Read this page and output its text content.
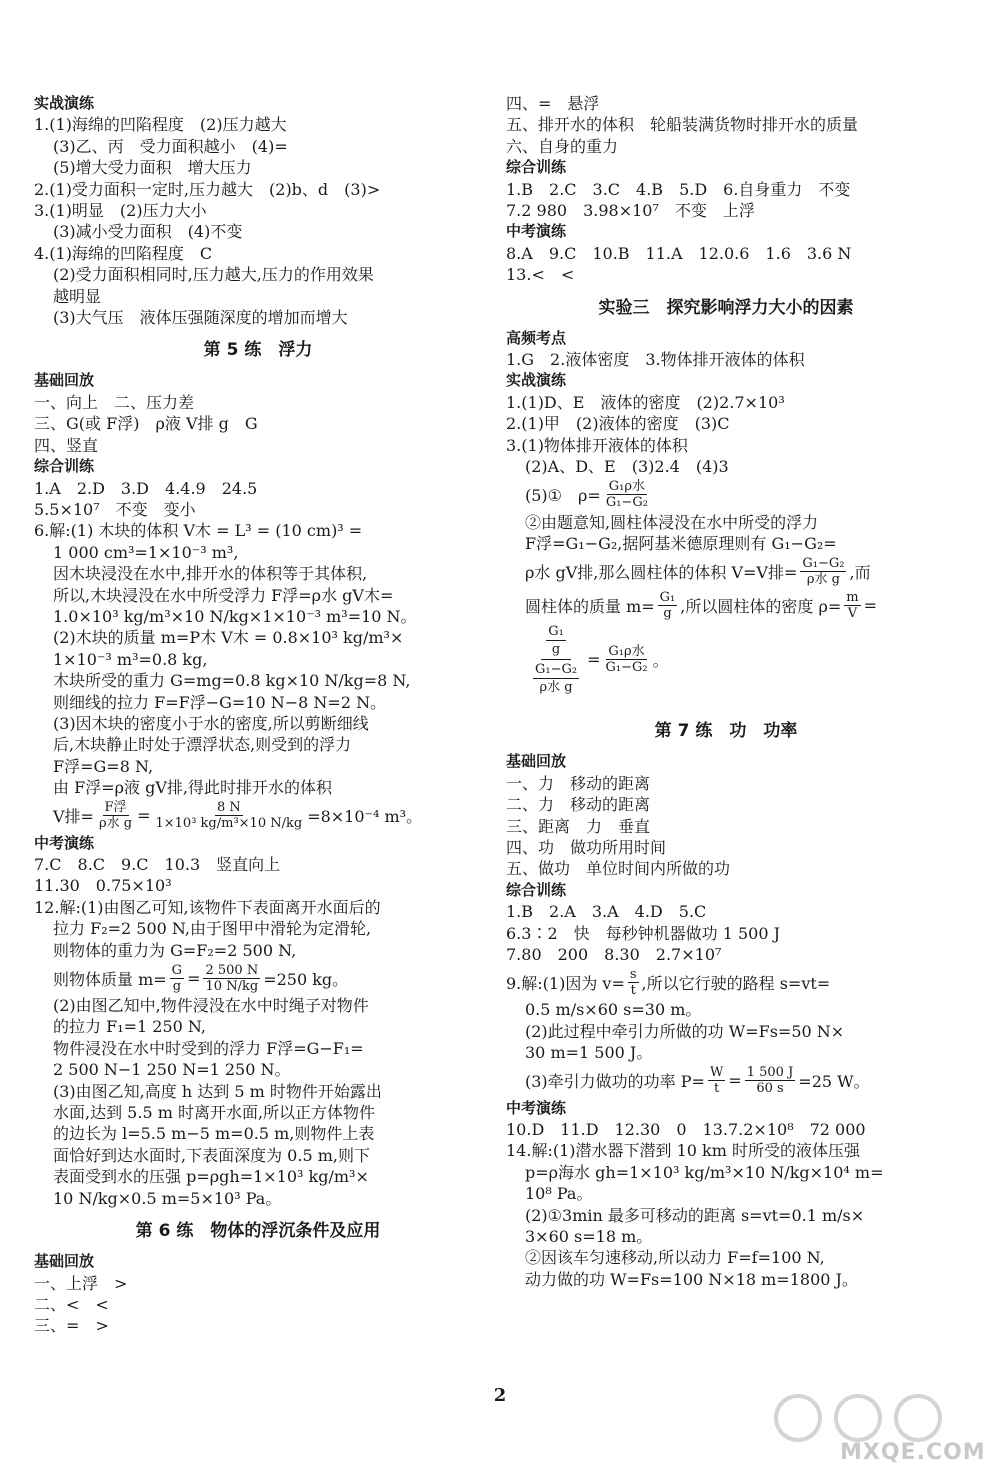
实战演练
1.(1)海绵的凹陷程度　(2)压力越大
(3)乙、丙　受力面积越小　(4)=
(5)增大受力面积　增大压力
2.(1)受力面积一定时,压力越大　(2)b、d　(3)>
3.(1)明显　(2)压力大小
(3)减小受力面积　(4)不变
4.(1)海绵的凹陷程度　C
(2)受力面积相同时,压力越大,压力的作用效果
越明显
(3)大气压　液体压强随深度的增加而增大
第 5 练　浮力
基础回放
一、向上　二、压力差
三、G(或 F浮)　ρ液 V排 g　G
四、竖直
综合训练
1.A　2.D　3.D　4.4.9　24.5
5.5×10⁷　不变　变小
6.解:(1) 木块的体积 V木 = L³ = (10 cm)³ =
1 000 cm³=1×10⁻³ m³,
因木块浸没在水中,排开水的体积等于其体积,
所以,木块浸没在水中所受浮力 F浮=ρ水 gV木=
1.0×10³ kg/m³×10 N/kg×1×10⁻³ m³=10 N。
(2)木块的质量 m=P木 V木 = 0.8×10³ kg/m³×
1×10⁻³ m³=0.8 kg,
木块所受的重力 G=mg=0.8 kg×10 N/kg=8 N,
则细线的拉力 F=F浮−G=10 N−8 N=2 N。
(3)因木块的密度小于水的密度,所以剪断细线
后,木块静止时处于漂浮状态,则受到的浮力
F浮=G=8 N,
由 F浮=ρ液 gV排,得此时排开水的体积
V排= $\frac{\text{F浮}}{\text{ρ水 g}} = \frac{8 N}{\text{1×10³ kg/m³×10 N/kg}} =8\times 10^{-4}$ m³。
中考演练
7.C　8.C　9.C　10.3　竖直向上
11.30　0.75×10³
12.解:(1)由图乙可知,该物件下表面离开水面后的
拉力 F₂=2 500 N,由于图甲中滑轮为定滑轮,
则物体的重力为 G=F₂=2 500 N,
则物体质量 $m= \frac{G}{g} = \frac{2 500 N}{10 N/kg} =250$ kg。
(2)由图乙知中,物件浸没在水中时绳子对物件
的拉力 F₁=1 250 N,
物件浸没在水中时受到的浮力 F浮=G−F₁=
2 500 N−1 250 N=1 250 N。
(3)由图乙知,高度 h 达到 5 m 时物件开始露出
水面,达到 5.5 m 时离开水面,所以正方体物件
的边长为 l=5.5 m−5 m=0.5 m,则物件上表
面恰好到达水面时,下表面深度为 0.5 m,则下
表面受到水的压强 p=ρgh=1×10³ kg/m³×
10 N/kg×0.5 m=5×10³ Pa。
第 6 练　物体的浮沉条件及应用
基础回放
一、上浮　>
二、<　<
三、=　>
四、=　悬浮
五、排开水的体积　轮船装满货物时排开水的质量
六、自身的重力
综合训练
1.B　2.C　3.C　4.B　5.D　6.自身重力　不变
7.2 980　3.98×10⁷　不变　上浮
中考演练
8.A　9.C　10.B　11.A　12.0.6　1.6　3.6 N
13.<　<
实验三　探究影响浮力大小的因素
高频考点
1.G　2.液体密度　3.物体排开液体的体积
实战演练
1.(1)D、E　液体的密度　(2)2.7×10³
2.(1)甲　(2)液体的密度　(3)C
3.(1)物体排开液体的体积
(2)A、D、E　(3)2.4　(4)3
(5)①　$\rho= \frac{\text{G₁ρ水}}{\text{G₁−G₂}}$
②由题意知,圆柱体浸没在水中所受的浮力
F浮=G₁−G₂,据阿基米德原理则有 G₁−G₂=
ρ水 gV排,那么圆柱体的体积 V=V排= $\frac{\text{G₁−G₂}}{\text{ρ水 g}}$ ,而
圆柱体的质量 $m= \frac{\text{G₁}}{g}$ ,所以圆柱体的密度 $\rho= \frac{m}{V}$ =
$\frac{\frac{\text{G₁}}{g}}{\frac{\text{G₁−G₂}}{\text{ρ水 g}}} = \frac{\text{G₁ρ水}}{\text{G₁−G₂}}$ 。
第 7 练　功　功率
基础回放
一、力　移动的距离
二、力　移动的距离
三、距离　力　垂直
四、功　做功所用时间
五、做功　单位时间内所做的功
综合训练
1.B　2.A　3.A　4.D　5.C
6.3∶2　快　每秒钟机器做功 1 500 J
7.80　200　8.30　2.7×10⁷
9.解:(1)因为 $v= \frac{s}{t}$ ,所以它行驶的路程 s=vt=
0.5 m/s×60 s=30 m。
(2)此过程中牵引力所做的功 W=Fs=50 N×
30 m=1 500 J。
(3)牵引力做功的功率 $P= \frac{W}{t} = \frac{1 500 J}{60 s} =25$ W。
中考演练
10.D　11.D　12.30　0　13.7.2×10⁸　72 000
14.解:(1)潜水器下潜到 10 km 时所受的液体压强
p=ρ海水 gh=1×10³ kg/m³×10 N/kg×10⁴ m=
10⁸ Pa。
(2)①3min 最多可移动的距离 s=vt=0.1 m/s×
3×60 s=18 m。
②因该车匀速移动,所以动力 F=f=100 N,
动力做的功 W=Fs=100 N×18 m=1800 J。
2
MXQE.COM
